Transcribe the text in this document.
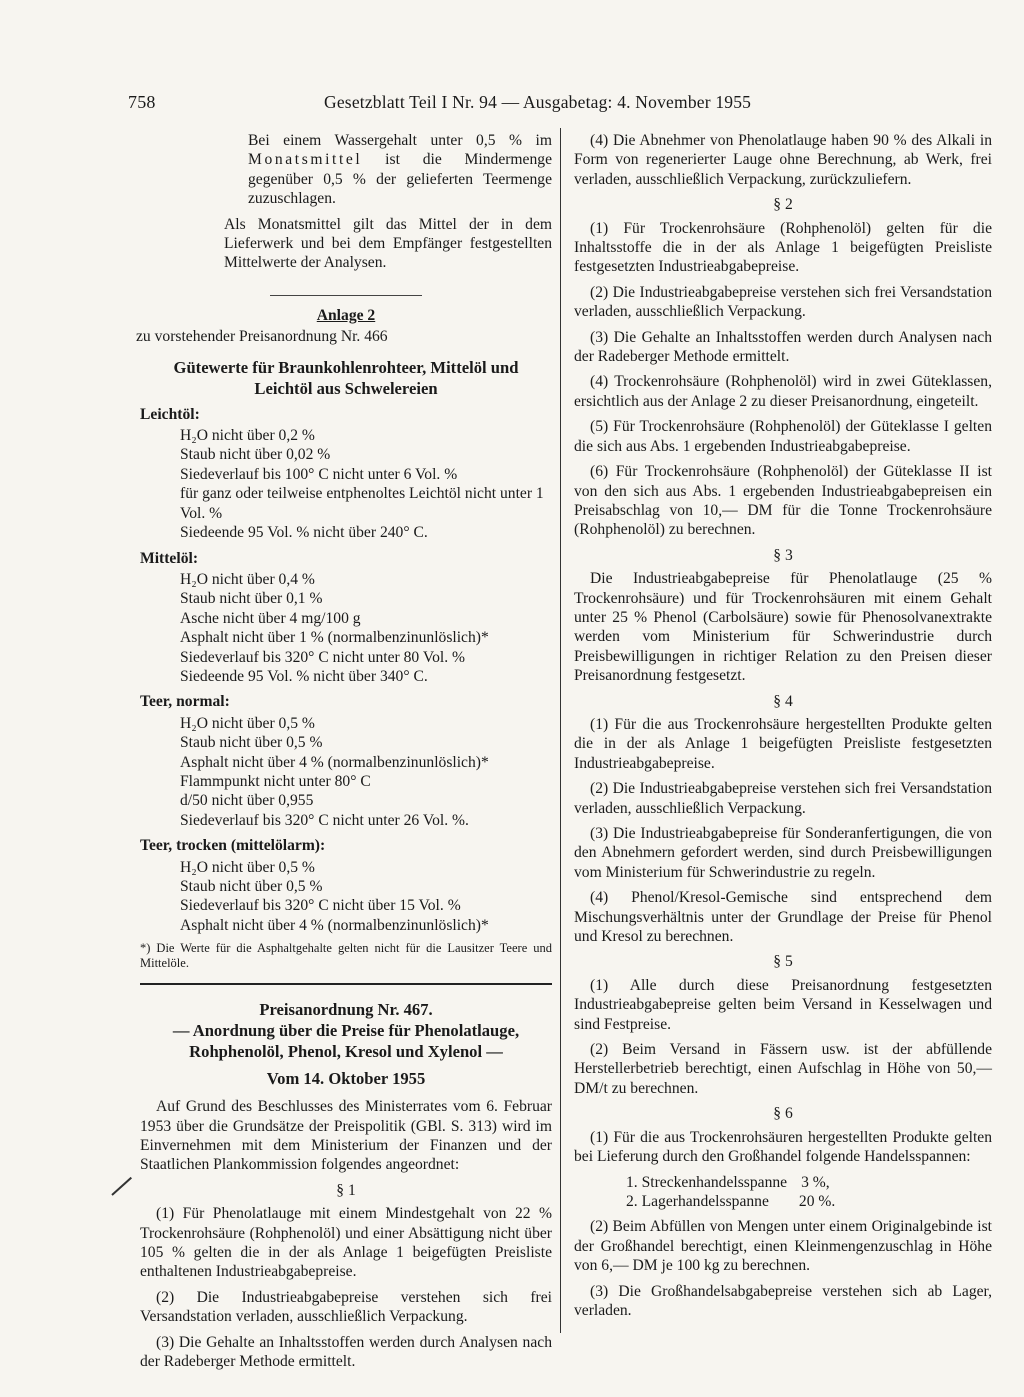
758	Gesetzblatt Teil I Nr. 94 — Ausgabetag: 4. November 1955

Bei einem Wassergehalt unter 0,5 % im Monatsmittel ist die Mindermenge gegenüber 0,5 % der gelieferten Teermenge zuzuschlagen.

Als Monatsmittel gilt das Mittel der in dem Lieferwerk und bei dem Empfänger festgestellten Mittelwerte der Analysen.

Anlage 2

zu vorstehender Preisanordnung Nr. 466

Gütewerte für Braunkohlenrohteer, Mittelöl und Leichtöl aus Schwelereien

Leichtöl:
H₂O nicht über 0,2 %
Staub nicht über 0,02 %
Siedeverlauf bis 100° C nicht unter 6 Vol. %
für ganz oder teilweise entphenoltes Leichtöl nicht unter 1 Vol. %
Siedeende 95 Vol. % nicht über 240° C.
Mittelöl:
H₂O nicht über 0,4 %
Staub nicht über 0,1 %
Asche nicht über 4 mg/100 g
Asphalt nicht über 1 % (normalbenzinunlöslich)*
Siedeverlauf bis 320° C nicht unter 80 Vol. %
Siedeende 95 Vol. % nicht über 340° C.
Teer, normal:
H₂O nicht über 0,5 %
Staub nicht über 0,5 %
Asphalt nicht über 4 % (normalbenzinunlöslich)*
Flammpunkt nicht unter 80° C
d/50 nicht über 0,955
Siedeverlauf bis 320° C nicht unter 26 Vol. %.
Teer, trocken (mittelölarm):
H₂O nicht über 0,5 %
Staub nicht über 0,5 %
Siedeverlauf bis 320° C nicht über 15 Vol. %
Asphalt nicht über 4 % (normalbenzinunlöslich)*

*) Die Werte für die Asphaltgehalte gelten nicht für die Lausitzer Teere und Mittelöle.

Preisanordnung Nr. 467.

— Anordnung über die Preise für Phenolatlauge, Rohphenolöl, Phenol, Kresol und Xylenol —

Vom 14. Oktober 1955

Auf Grund des Beschlusses des Ministerrates vom 6. Februar 1953 über die Grundsätze der Preispolitik (GBl. S. 313) wird im Einvernehmen mit dem Ministerium der Finanzen und der Staatlichen Plankommission folgendes angeordnet:

§ 1

(1) Für Phenolatlauge mit einem Mindestgehalt von 22 % Trockenrohsäure (Rohphenolöl) und einer Absättigung nicht über 105 % gelten die in der als Anlage 1 beigefügten Preisliste enthaltenen Industrieabgabepreise.

(2) Die Industrieabgabepreise verstehen sich frei Versandstation verladen, ausschließlich Verpackung.

(3) Die Gehalte an Inhaltsstoffen werden durch Analysen nach der Radeberger Methode ermittelt.

(4) Die Abnehmer von Phenolatlauge haben 90 % des Alkali in Form von regenerierter Lauge ohne Berechnung, ab Werk, frei verladen, ausschließlich Verpackung, zurückzuliefern.

§ 2

(1) Für Trockenrohsäure (Rohphenolöl) gelten für die Inhaltsstoffe die in der als Anlage 1 beigefügten Preisliste festgesetzten Industrieabgabepreise.

(2) Die Industrieabgabepreise verstehen sich frei Versandstation verladen, ausschließlich Verpackung.

(3) Die Gehalte an Inhaltsstoffen werden durch Analysen nach der Radeberger Methode ermittelt.

(4) Trockenrohsäure (Rohphenolöl) wird in zwei Güteklassen, ersichtlich aus der Anlage 2 zu dieser Preisanordnung, eingeteilt.

(5) Für Trockenrohsäure (Rohphenolöl) der Güteklasse I gelten die sich aus Abs. 1 ergebenden Industrieabgabepreise.

(6) Für Trockenrohsäure (Rohphenolöl) der Güteklasse II ist von den sich aus Abs. 1 ergebenden Industrieabgabepreisen ein Preisabschlag von 10,— DM für die Tonne Trockenrohsäure (Rohphenolöl) zu berechnen.

§ 3

Die Industrieabgabepreise für Phenolatlauge (25 % Trockenrohsäure) und für Trockenrohsäuren mit einem Gehalt unter 25 % Phenol (Carbolsäure) sowie für Phenosolvanextrakte werden vom Ministerium für Schwerindustrie durch Preisbewilligungen in richtiger Relation zu den Preisen dieser Preisanordnung festgesetzt.

§ 4

(1) Für die aus Trockenrohsäure hergestellten Produkte gelten die in der als Anlage 1 beigefügten Preisliste festgesetzten Industrieabgabepreise.

(2) Die Industrieabgabepreise verstehen sich frei Versandstation verladen, ausschließlich Verpackung.

(3) Die Industrieabgabepreise für Sonderanfertigungen, die von den Abnehmern gefordert werden, sind durch Preisbewilligungen vom Ministerium für Schwerindustrie zu regeln.

(4) Phenol/Kresol-Gemische sind entsprechend dem Mischungsverhältnis unter der Grundlage der Preise für Phenol und Kresol zu berechnen.

§ 5

(1) Alle durch diese Preisanordnung festgesetzten Industrieabgabepreise gelten beim Versand in Kesselwagen und sind Festpreise.

(2) Beim Versand in Fässern usw. ist der abfüllende Herstellerbetrieb berechtigt, einen Aufschlag in Höhe von 50,— DM/t zu berechnen.

§ 6

(1) Für die aus Trockenrohsäuren hergestellten Produkte gelten bei Lieferung durch den Großhandel folgende Handelsspannen:

1. Streckenhandelsspanne 3 %,
2. Lagerhandelsspanne 20 %.

(2) Beim Abfüllen von Mengen unter einem Originalgebinde ist der Großhandel berechtigt, einen Kleinmengenzuschlag in Höhe von 6,— DM je 100 kg zu berechnen.

(3) Die Großhandelsabgabepreise verstehen sich ab Lager, verladen.
